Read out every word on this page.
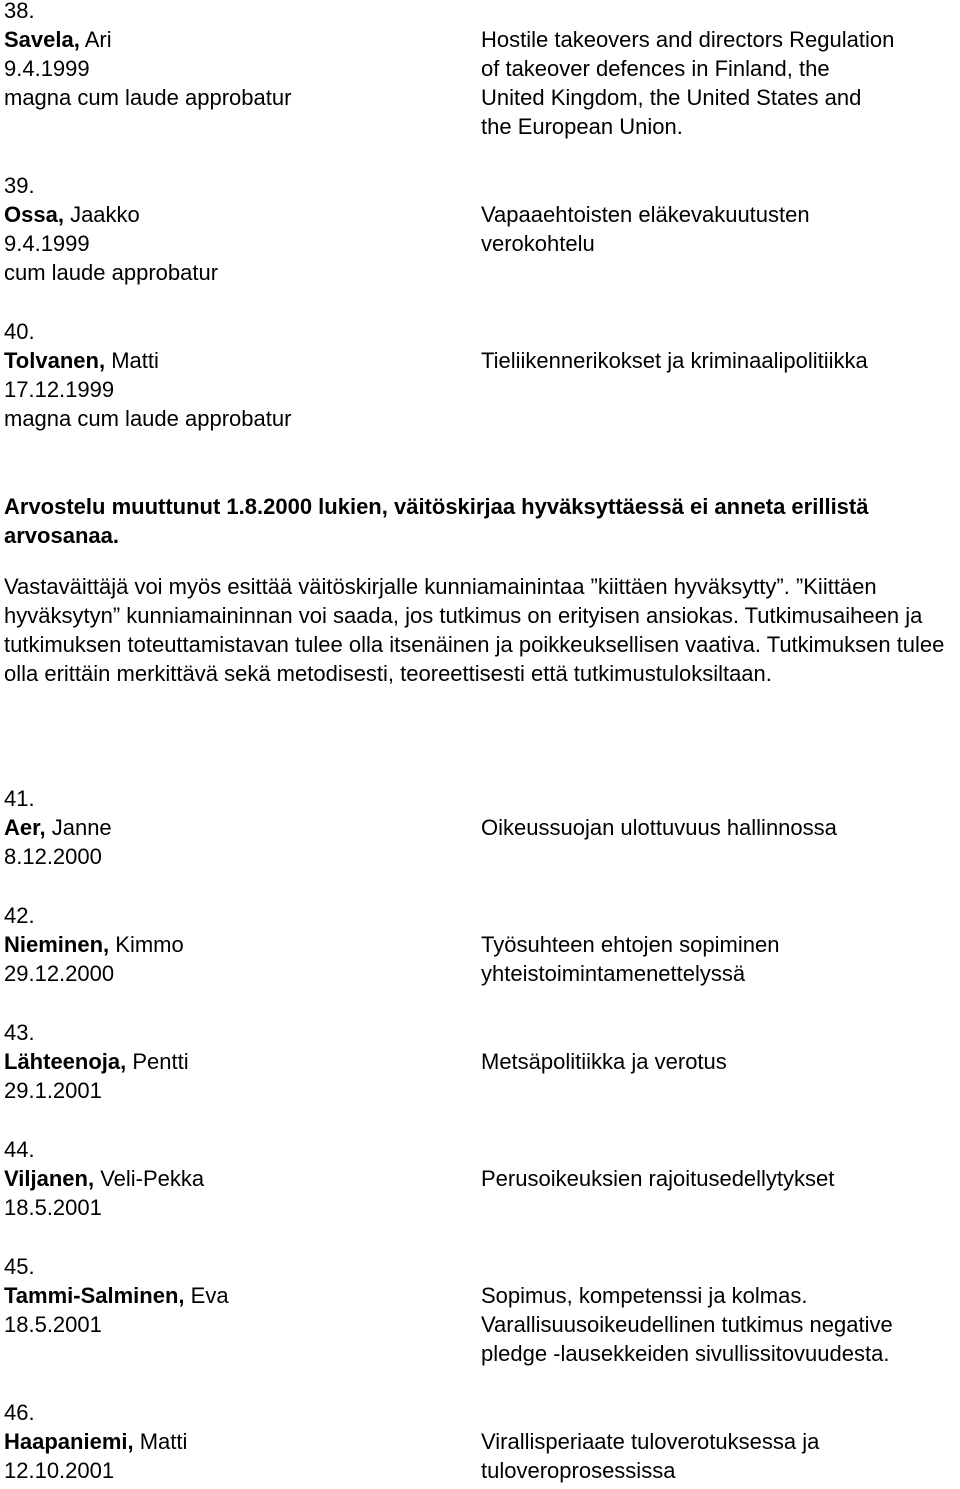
38.
Savela, Ari
9.4.1999
magna cum laude approbatur
Hostile takeovers and directors Regulation
of takeover defences in Finland, the
United Kingdom, the United States and
the European Union.
39.
Ossa, Jaakko
9.4.1999
cum laude approbatur
Vapaaehtoisten eläkevakuutusten
verokohtelu
40.
Tolvanen, Matti
17.12.1999
magna cum laude approbatur
Tieliikennerikokset ja kriminaalipolitiikka

Arvostelu muuttunut 1.8.2000 lukien, väitöskirjaa hyväksyttäessä ei anneta erillistä arvosanaa.

Vastaväittäjä voi myös esittää väitöskirjalle kunniamainintaa ”kiittäen hyväksytty”. ”Kiittäen hyväksytyn” kunniamaininnan voi saada, jos tutkimus on erityisen ansiokas. Tutkimusaiheen ja tutkimuksen toteuttamistavan tulee olla itsenäinen ja poikkeuksellisen vaativa. Tutkimuksen tulee olla erittäin merkittävä sekä metodisesti, teoreettisesti että tutkimustuloksiltaan.

41.
Aer, Janne
8.12.2000
Oikeussuojan ulottuvuus hallinnossa
42.
Nieminen, Kimmo
29.12.2000
Työsuhteen ehtojen sopiminen
yhteistoimintamenettelyssä
43.
Lähteenoja, Pentti
29.1.2001
Metsäpolitiikka ja verotus
44.
Viljanen, Veli-Pekka
18.5.2001
Perusoikeuksien rajoitusedellytykset
45.
Tammi-Salminen, Eva
18.5.2001
Sopimus, kompetenssi ja kolmas.
Varallisuusoikeudellinen tutkimus negative
pledge -lausekkeiden sivullissitovuudesta.
46.
Haapaniemi, Matti
12.10.2001
Virallisperiaate tuloverotuksessa ja
tuloveroprosessissa
